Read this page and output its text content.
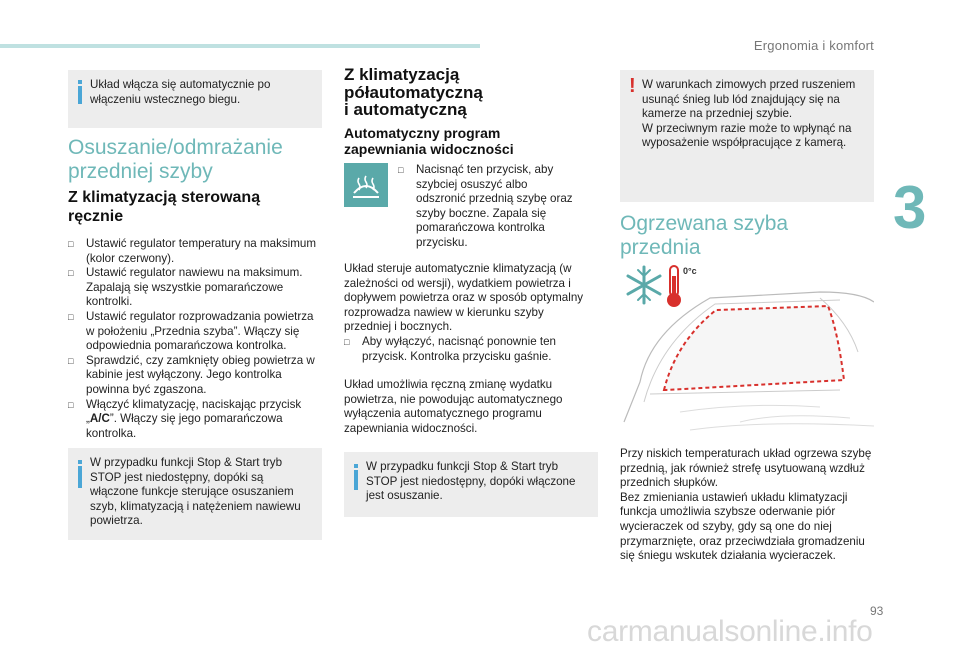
Ergonomia i komfort
3
Układ włącza się automatycznie po włączeniu wstecznego biegu.
Osuszanie/odmrażanie
przedniej szyby
Z klimatyzacją sterowaną
ręcznie
□ Ustawić regulator temperatury na maksimum (kolor czerwony).
□ Ustawić regulator nawiewu na maksimum. Zapalają się wszystkie pomarańczowe kontrolki.
□ Ustawić regulator rozprowadzania powietrza w położeniu „Przednia szyba”. Włączy się odpowiednia pomarańczowa kontrolka.
□ Sprawdzić, czy zamknięty obieg powietrza w kabinie jest wyłączony. Jego kontrolka powinna być zgaszona.
□ Włączyć klimatyzację, naciskając przycisk „A/C”. Włączy się jego pomarańczowa kontrolka.
W przypadku funkcji Stop & Start tryb STOP jest niedostępny, dopóki są włączone funkcje sterujące osuszaniem szyb, klimatyzacją i natężeniem nawiewu powietrza.
Z klimatyzacją
półautomatyczną
i automatyczną
Automatyczny program
zapewniania widoczności
□ Nacisnąć ten przycisk, aby szybciej osuszyć albo odszronić przednią szybę oraz szyby boczne. Zapala się pomarańczowa kontrolka przycisku.

Układ steruje automatycznie klimatyzacją (w zależności od wersji), wydatkiem powietrza i dopływem powietrza oraz w sposób optymalny rozprowadza nawiew w kierunku szyby przedniej i bocznych.

□ Aby wyłączyć, nacisnąć ponownie ten przycisk. Kontrolka przycisku gaśnie.

Układ umożliwia ręczną zmianę wydatku powietrza, nie powodując automatycznego wyłączenia automatycznego programu zapewniania widoczności.

W przypadku funkcji Stop & Start tryb STOP jest niedostępny, dopóki włączone jest osuszanie.
! W warunkach zimowych przed ruszeniem usunąć śnieg lub lód znajdujący się na kamerze na przedniej szybie.
W przeciwnym razie może to wpłynąć na wyposażenie współpracujące z kamerą.
Ogrzewana szyba
przednia
0°c
Przy niskich temperaturach układ ogrzewa szybę przednią, jak również strefę usytuowaną wzdłuż przednich słupków.
Bez zmieniania ustawień układu klimatyzacji funkcja umożliwia szybsze oderwanie piór wycieraczek od szyby, gdy są one do niej przymarznięte, oraz przeciwdziała gromadzeniu się śniegu wskutek działania wycieraczek.
93
carmanualsonline.info
